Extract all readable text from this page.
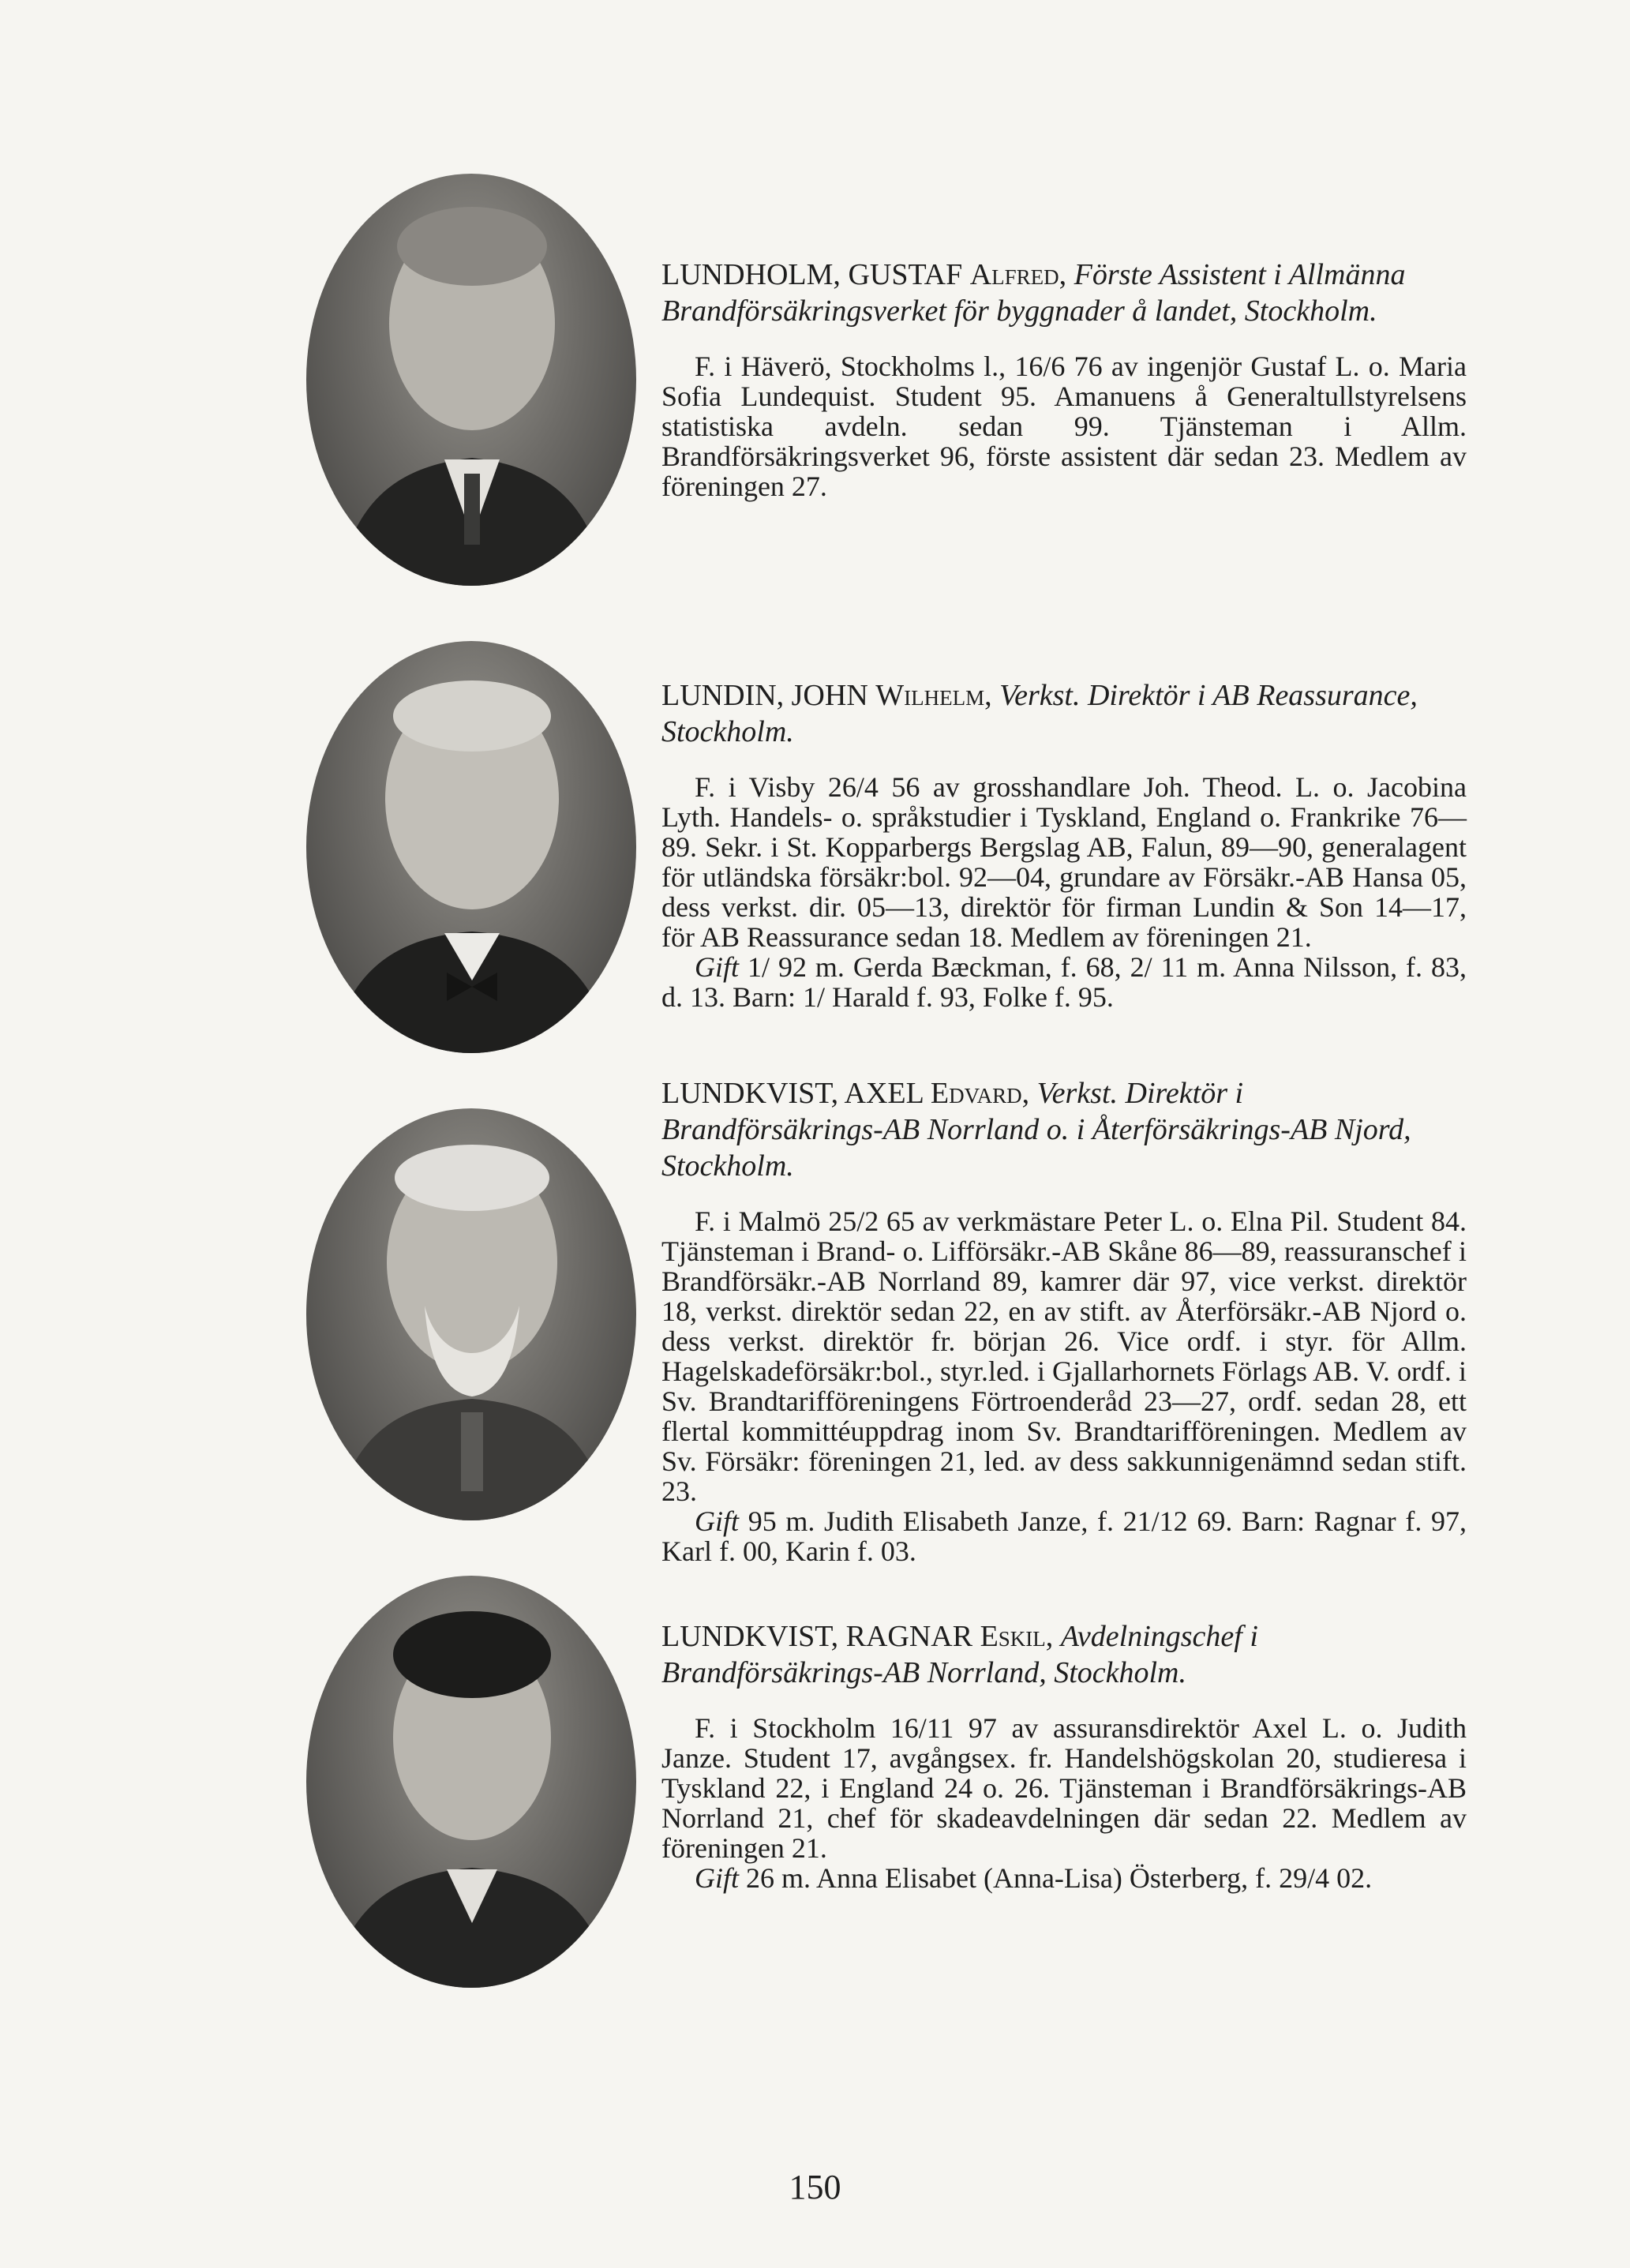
LUNDHOLM, GUSTAF Alfred, Förste Assistent i Allmänna Brandförsäkringsverket för byggnader å landet, Stockholm.

F. i Häverö, Stockholms l., 16/6 76 av ingenjör Gustaf L. o. Maria Sofia Lundequist. Student 95. Amanuens å Generaltullstyrelsens statistiska avdeln. sedan 99. Tjänsteman i Allm. Brandförsäkringsverket 96, förste assistent där sedan 23. Medlem av föreningen 27.

LUNDIN, JOHN Wilhelm, Verkst. Direktör i AB Reassurance, Stockholm.

F. i Visby 26/4 56 av grosshandlare Joh. Theod. L. o. Jacobina Lyth. Handels- o. språkstudier i Tyskland, England o. Frankrike 76—89. Sekr. i St. Kopparbergs Bergslag AB, Falun, 89—90, generalagent för utländska försäkr:bol. 92—04, grundare av Försäkr.-AB Hansa 05, dess verkst. dir. 05—13, direktör för firman Lundin & Son 14—17, för AB Reassurance sedan 18. Medlem av föreningen 21.

Gift 1/ 92 m. Gerda Bæckman, f. 68, 2/ 11 m. Anna Nilsson, f. 83, d. 13. Barn: 1/ Harald f. 93, Folke f. 95.

LUNDKVIST, AXEL Edvard, Verkst. Direktör i Brandförsäkrings-AB Norrland o. i Återförsäkrings-AB Njord, Stockholm.

F. i Malmö 25/2 65 av verkmästare Peter L. o. Elna Pil. Student 84. Tjänsteman i Brand- o. Lifförsäkr.-AB Skåne 86—89, reassuranschef i Brandförsäkr.-AB Norrland 89, kamrer där 97, vice verkst. direktör 18, verkst. direktör sedan 22, en av stift. av Återförsäkr.-AB Njord o. dess verkst. direktör fr. början 26. Vice ordf. i styr. för Allm. Hagelskadeförsäkr:bol., styr.led. i Gjallarhornets Förlags AB. V. ordf. i Sv. Brandtarifföreningens Förtroenderåd 23—27, ordf. sedan 28, ett flertal kommittéuppdrag inom Sv. Brandtarifföreningen. Medlem av Sv. Försäkr: föreningen 21, led. av dess sakkunnigenämnd sedan stift. 23.

Gift 95 m. Judith Elisabeth Janze, f. 21/12 69. Barn: Ragnar f. 97, Karl f. 00, Karin f. 03.

LUNDKVIST, RAGNAR Eskil, Avdelningschef i Brandförsäkrings-AB Norrland, Stockholm.

F. i Stockholm 16/11 97 av assuransdirektör Axel L. o. Judith Janze. Student 17, avgångsex. fr. Handelshögskolan 20, studieresa i Tyskland 22, i England 24 o. 26. Tjänsteman i Brandförsäkrings-AB Norrland 21, chef för skadeavdelningen där sedan 22. Medlem av föreningen 21.

Gift 26 m. Anna Elisabet (Anna-Lisa) Österberg, f. 29/4 02.

150
